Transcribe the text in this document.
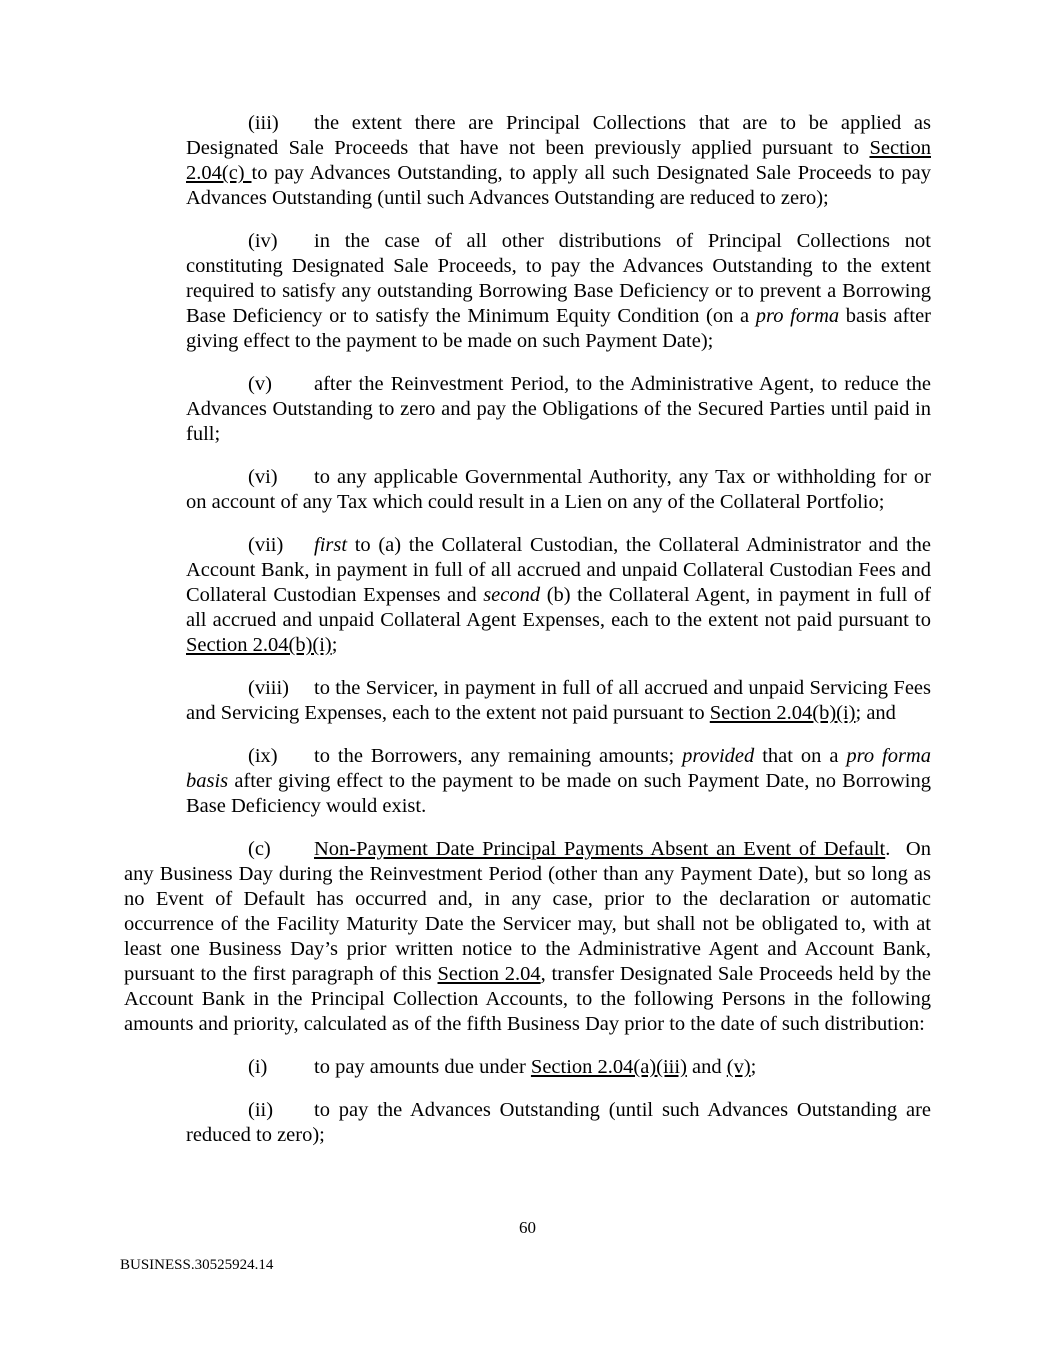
(iii) the extent there are Principal Collections that are to be applied as Designated Sale Proceeds that have not been previously applied pursuant to Section 2.04(c) to pay Advances Outstanding, to apply all such Designated Sale Proceeds to pay Advances Outstanding (until such Advances Outstanding are reduced to zero);

(iv) in the case of all other distributions of Principal Collections not constituting Designated Sale Proceeds, to pay the Advances Outstanding to the extent required to satisfy any outstanding Borrowing Base Deficiency or to prevent a Borrowing Base Deficiency or to satisfy the Minimum Equity Condition (on a pro forma basis after giving effect to the payment to be made on such Payment Date);

(v) after the Reinvestment Period, to the Administrative Agent, to reduce the Advances Outstanding to zero and pay the Obligations of the Secured Parties until paid in full;

(vi) to any applicable Governmental Authority, any Tax or withholding for or on account of any Tax which could result in a Lien on any of the Collateral Portfolio;

(vii) first to (a) the Collateral Custodian, the Collateral Administrator and the Account Bank, in payment in full of all accrued and unpaid Collateral Custodian Fees and Collateral Custodian Expenses and second (b) the Collateral Agent, in payment in full of all accrued and unpaid Collateral Agent Expenses, each to the extent not paid pursuant to Section 2.04(b)(i);

(viii) to the Servicer, in payment in full of all accrued and unpaid Servicing Fees and Servicing Expenses, each to the extent not paid pursuant to Section 2.04(b)(i); and

(ix) to the Borrowers, any remaining amounts; provided that on a pro forma basis after giving effect to the payment to be made on such Payment Date, no Borrowing Base Deficiency would exist.

(c) Non-Payment Date Principal Payments Absent an Event of Default.  On any Business Day during the Reinvestment Period (other than any Payment Date), but so long as no Event of Default has occurred and, in any case, prior to the declaration or automatic occurrence of the Facility Maturity Date the Servicer may, but shall not be obligated to, with at least one Business Day’s prior written notice to the Administrative Agent and Account Bank, pursuant to the first paragraph of this Section 2.04, transfer Designated Sale Proceeds held by the Account Bank in the Principal Collection Accounts, to the following Persons in the following amounts and priority, calculated as of the fifth Business Day prior to the date of such distribution:

(i) to pay amounts due under Section 2.04(a)(iii) and (v);

(ii) to pay the Advances Outstanding (until such Advances Outstanding are reduced to zero);

60
BUSINESS.30525924.14
